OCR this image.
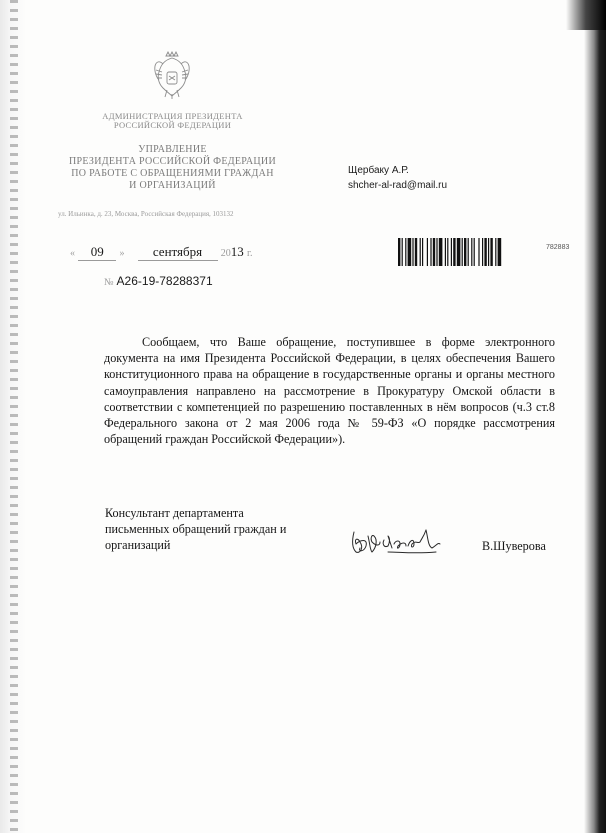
АДМИНИСТРАЦИЯ ПРЕЗИДЕНТА
РОССИЙСКОЙ ФЕДЕРАЦИИ
УПРАВЛЕНИЕ
ПРЕЗИДЕНТА РОССИЙСКОЙ ФЕДЕРАЦИИ
ПО РАБОТЕ С ОБРАЩЕНИЯМИ ГРАЖДАН
И ОРГАНИЗАЦИЙ
ул. Ильинка, д. 23, Москва, Российская Федерация, 103132
Щербаку А.Р.
shcher-al-rad@mail.ru
« 09 » сентября 2013 г.
782883
№ А26-19-78288371
Сообщаем, что Ваше обращение, поступившее в форме электронного документа на имя Президента Российской Федерации, в целях обеспечения Вашего конституционного права на обращение в государственные органы и органы местного самоуправления направлено на рассмотрение в Прокуратуру Омской области в соответствии с компетенцией по разрешению поставленных в нём вопросов (ч.3 ст.8 Федерального закона от 2 мая 2006 года № 59-ФЗ «О порядке рассмотрения обращений граждан Российской Федерации»).
Консультант департамента
письменных обращений граждан и
организаций	В.Шуверова
